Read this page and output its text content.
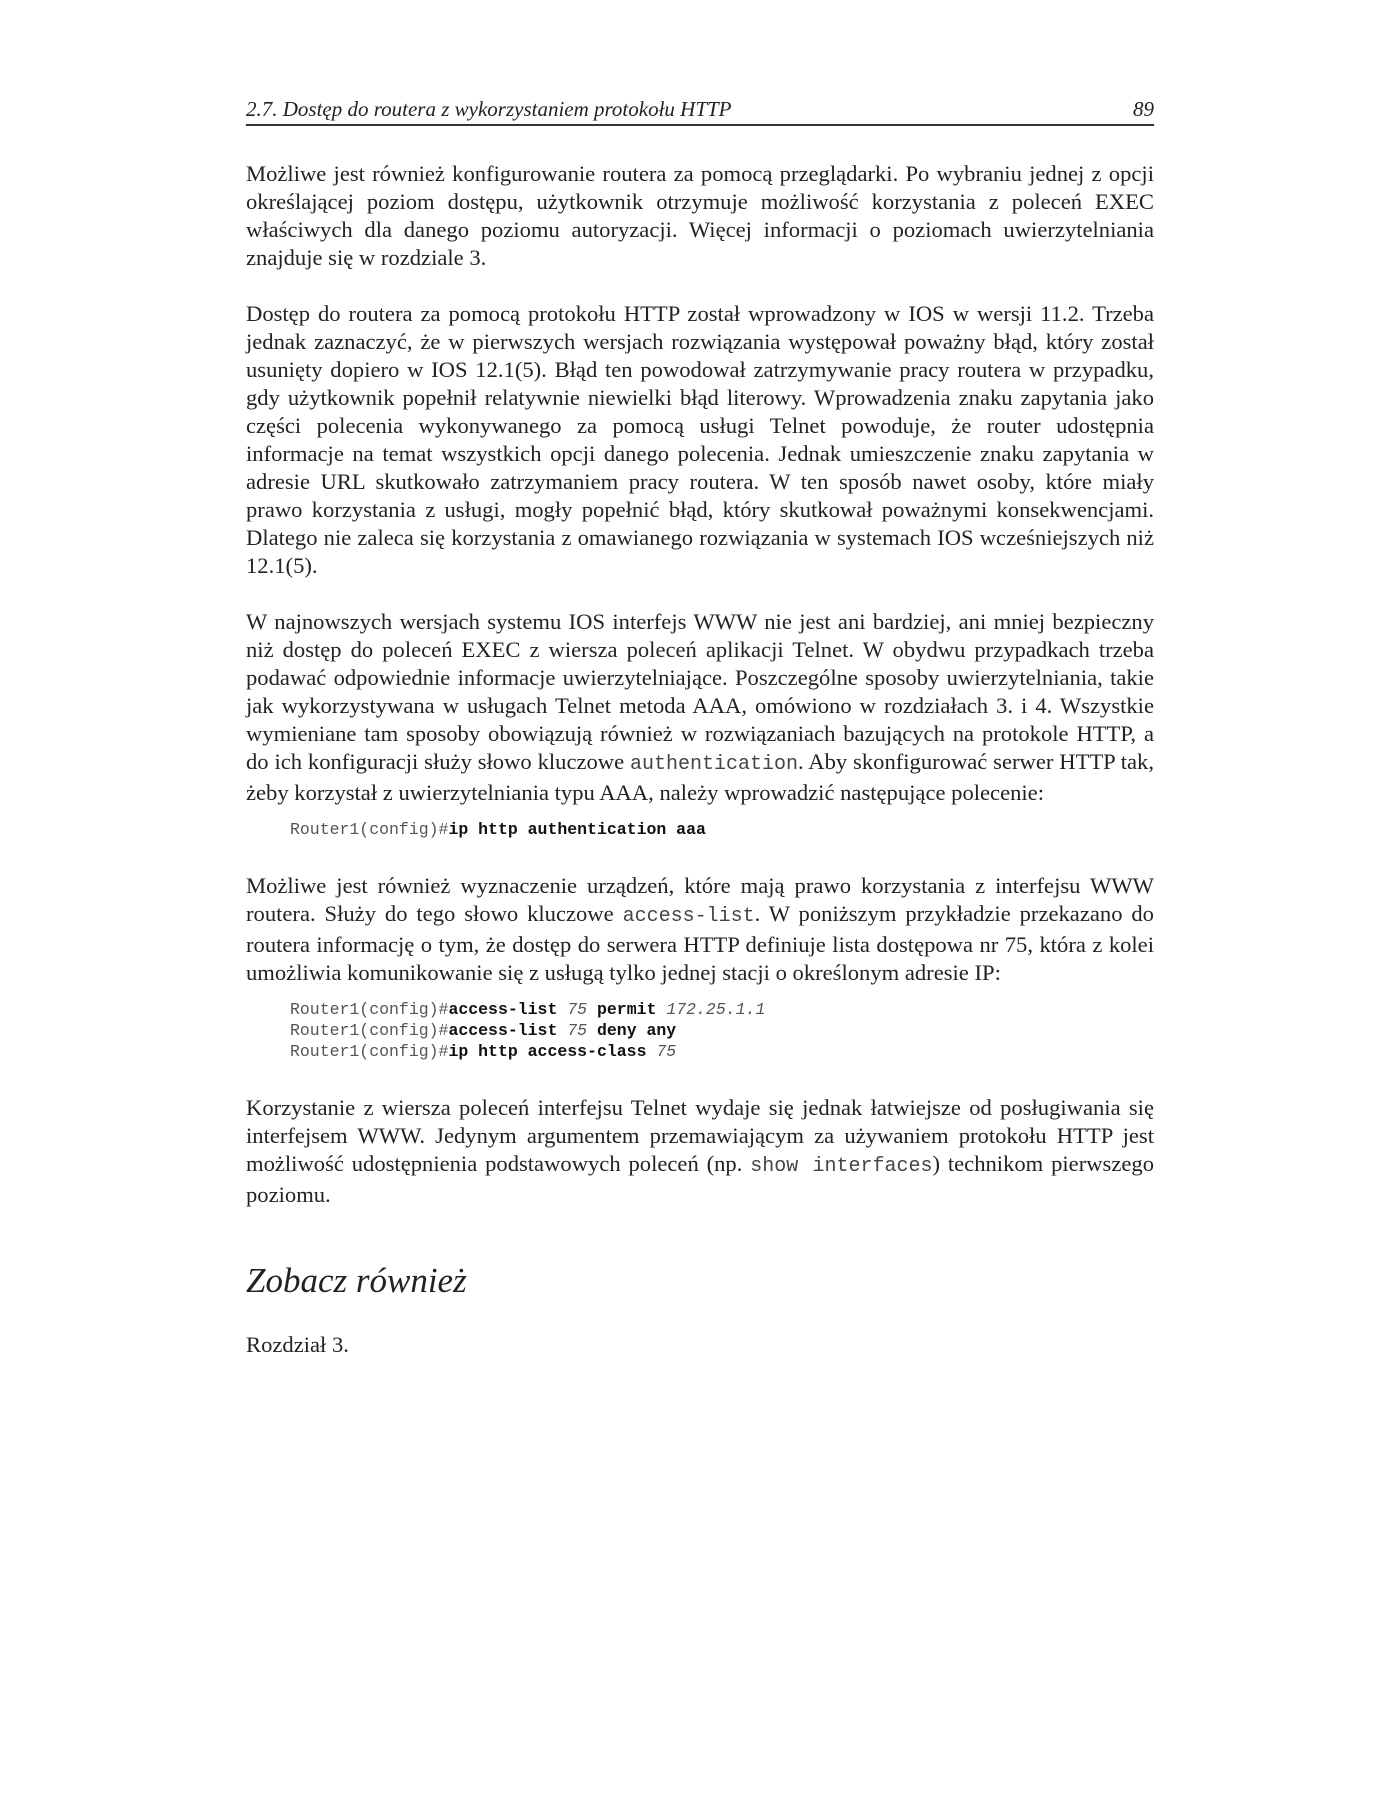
2.7. Dostęp do routera z wykorzystaniem protokołu HTTP	89

Możliwe jest również konfigurowanie routera za pomocą przeglądarki. Po wybraniu jednej z opcji określającej poziom dostępu, użytkownik otrzymuje możliwość korzystania z poleceń EXEC właściwych dla danego poziomu autoryzacji. Więcej informacji o poziomach uwierzytelniania znajduje się w rozdziale 3.

Dostęp do routera za pomocą protokołu HTTP został wprowadzony w IOS w wersji 11.2. Trzeba jednak zaznaczyć, że w pierwszych wersjach rozwiązania występował poważny błąd, który został usunięty dopiero w IOS 12.1(5). Błąd ten powodował zatrzymywanie pracy routera w przypadku, gdy użytkownik popełnił relatywnie niewielki błąd literowy. Wprowadzenia znaku zapytania jako części polecenia wykonywanego za pomocą usługi Telnet powoduje, że router udostępnia informacje na temat wszystkich opcji danego polecenia. Jednak umieszczenie znaku zapytania w adresie URL skutkowało zatrzymaniem pracy routera. W ten sposób nawet osoby, które miały prawo korzystania z usługi, mogły popełnić błąd, który skutkował poważnymi konsekwencjami. Dlatego nie zaleca się korzystania z omawianego rozwiązania w systemach IOS wcześniejszych niż 12.1(5).

W najnowszych wersjach systemu IOS interfejs WWW nie jest ani bardziej, ani mniej bezpieczny niż dostęp do poleceń EXEC z wiersza poleceń aplikacji Telnet. W obydwu przypadkach trzeba podawać odpowiednie informacje uwierzytelniające. Poszczególne sposoby uwierzytelniania, takie jak wykorzystywana w usługach Telnet metoda AAA, omówiono w rozdziałach 3. i 4. Wszystkie wymieniane tam sposoby obowiązują również w rozwiązaniach bazujących na protokole HTTP, a do ich konfiguracji służy słowo kluczowe authentication. Aby skonfigurować serwer HTTP tak, żeby korzystał z uwierzytelniania typu AAA, należy wprowadzić następujące polecenie:

Router1(config)#ip http authentication aaa

Możliwe jest również wyznaczenie urządzeń, które mają prawo korzystania z interfejsu WWW routera. Służy do tego słowo kluczowe access-list. W poniższym przykładzie przekazano do routera informację o tym, że dostęp do serwera HTTP definiuje lista dostępowa nr 75, która z kolei umożliwia komunikowanie się z usługą tylko jednej stacji o określonym adresie IP:

Router1(config)#access-list 75 permit 172.25.1.1
Router1(config)#access-list 75 deny any
Router1(config)#ip http access-class 75

Korzystanie z wiersza poleceń interfejsu Telnet wydaje się jednak łatwiejsze od posługiwania się interfejsem WWW. Jedynym argumentem przemawiającym za używaniem protokołu HTTP jest możliwość udostępnienia podstawowych poleceń (np. show interfaces) technikom pierwszego poziomu.

Zobacz również

Rozdział 3.
